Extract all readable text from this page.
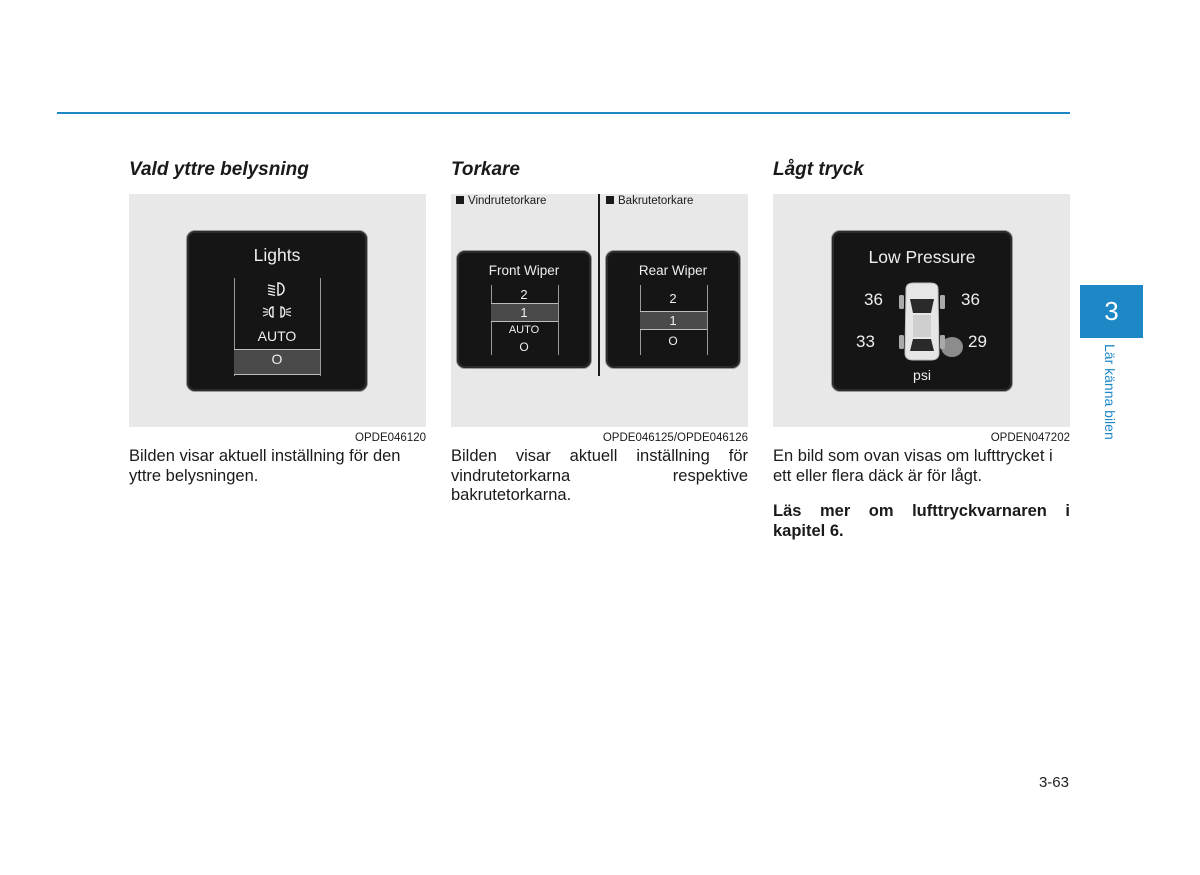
Vald yttre belysning
Lights
AUTO
O
OPDE046120

Bilden visar aktuell inställning för den yttre belysningen.

Torkare
Vindrutetorkare	Bakrutetorkare
Front Wiper
2
1
AUTO
O
Rear Wiper
2
1
O
OPDE046125/OPDE046126

Bilden visar aktuell inställning för vindrutetorkarna respektive bakrutetorkarna.

Lågt tryck
Low Pressure
36	36
33	29
psi
OPDEN047202

En bild som ovan visas om lufttrycket i ett eller flera däck är för lågt.

Läs mer om lufttryckvarnaren i kapitel 6.

3
Lär känna bilen
3-63
